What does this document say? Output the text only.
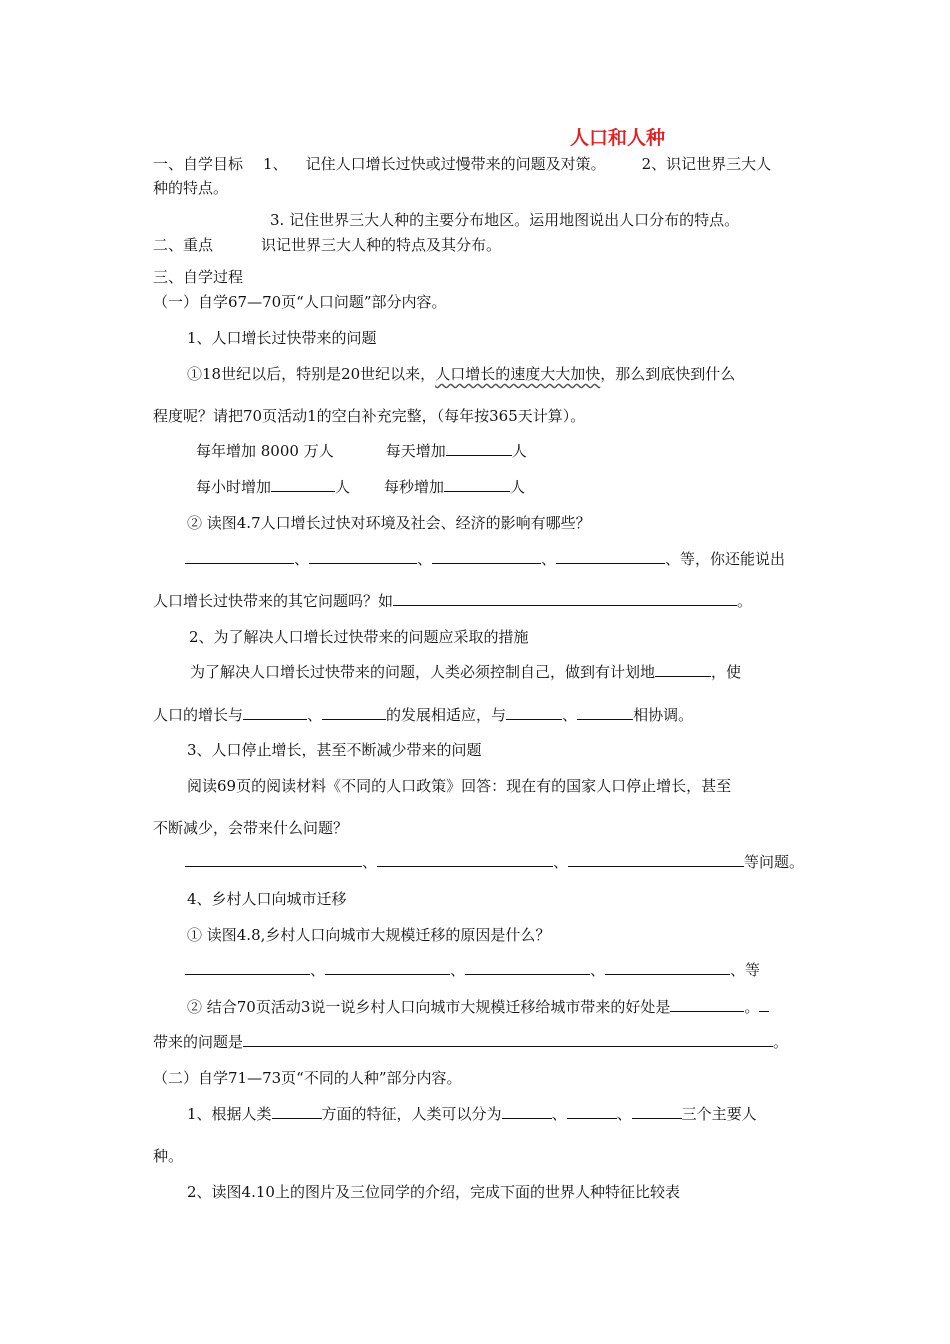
人口和人种
一、自学目标 1、 记住人口增长过快或过慢带来的问题及对策。 2、识记世界三大人
种的特点。
3. 记住世界三大人种的主要分布地区。运用地图说出人口分布的特点。
二、重点	识记世界三大人种的特点及其分布。
三、自学过程
（一）自学67—70页“人口问题”部分内容。
1、人口增长过快带来的问题
①18世纪以后，特别是20世纪以来，人口增长的速度大大加快，那么到底快到什么
程度呢？请把70页活动1的空白补充完整，（每年按365天计算）。
每年增加 8000 万人	每天增加	人
每小时增加	人 每秒增加	人
② 读图4.7人口增长过快对环境及社会、经济的影响有哪些？
、	、	、	、等，你还能说出
人口增长过快带来的其它问题吗？如	。
2、为了解决人口增长过快带来的问题应采取的措施
为了解决人口增长过快带来的问题，人类必须控制自己，做到有计划地	，使
人口的增长与	、	的发展相适应，与	、	相协调。
3、人口停止增长，甚至不断减少带来的问题
阅读69页的阅读材料《不同的人口政策》回答：现在有的国家人口停止增长，甚至
不断减少，会带来什么问题？
、	、	等问题。
4、乡村人口向城市迁移
① 读图4.8,乡村人口向城市大规模迁移的原因是什么？
、	、	、	、等
② 结合70页活动3说一说乡村人口向城市大规模迁移给城市带来的好处是	。
带来的问题是	。
（二）自学71—73页“不同的人种”部分内容。
1、根据人类	方面的特征，人类可以分为	、	、	三个主要人
种。
2、读图4.10上的图片及三位同学的介绍，完成下面的世界人种特征比较表
